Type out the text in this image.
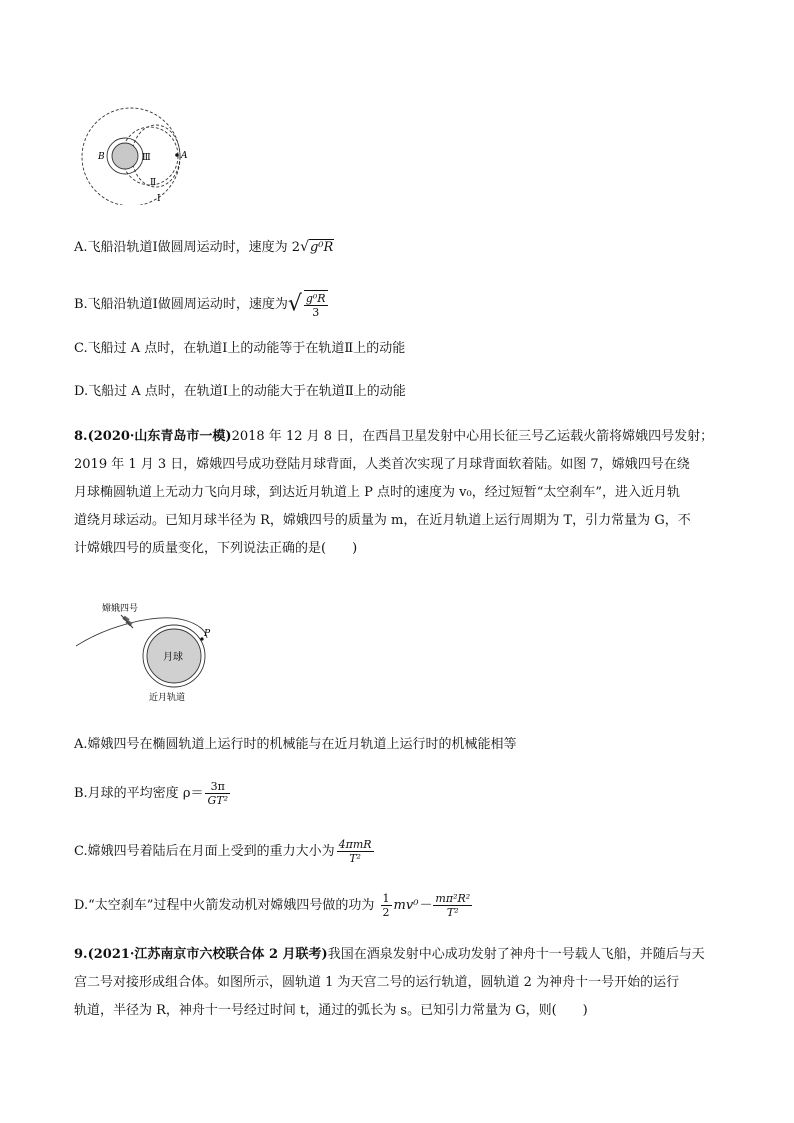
B	Ⅲ	A
Ⅱ
Ⅰ
A.飞船沿轨道Ⅰ做圆周运动时，速度为 2√g⁰R
B.飞船沿轨道Ⅰ做圆周运动时，速度为√ $\frac{\text{g⁰R}}{3}$
C.飞船过 A 点时，在轨道Ⅰ上的动能等于在轨道Ⅱ上的动能
D.飞船过 A 点时，在轨道Ⅰ上的动能大于在轨道Ⅱ上的动能
8.(2020·山东青岛市一模)2018 年 12 月 8 日，在西昌卫星发射中心用长征三号乙运载火箭将嫦娥四号发射；
2019 年 1 月 3 日，嫦娥四号成功登陆月球背面，人类首次实现了月球背面软着陆。如图 7，嫦娥四号在绕
月球椭圆轨道上无动力飞向月球，到达近月轨道上 P 点时的速度为 v₀，经过短暂“太空刹车”，进入近月轨
道绕月球运动。已知月球半径为 R，嫦娥四号的质量为 m，在近月轨道上运行周期为 T，引力常量为 G，不
计嫦娥四号的质量变化，下列说法正确的是(　　)
嫦娥四号
月球
P
近月轨道
A.嫦娥四号在椭圆轨道上运行时的机械能与在近月轨道上运行时的机械能相等
B.月球的平均密度 $\rho= \frac{3\pi}{\text{GT²}}$
C.嫦娥四号着陆后在月面上受到的重力大小为 $\frac{\text{4πmR}}{\text{T²}}$
D.“太空刹车”过程中火箭发动机对嫦娥四号做的功为 $\frac{1}{2} mv^0- \frac{\text{mπ²R²}}{\text{T²}}$
9.(2021·江苏南京市六校联合体 2 月联考)我国在酒泉发射中心成功发射了神舟十一号载人飞船，并随后与天
宫二号对接形成组合体。如图所示，圆轨道 1 为天宫二号的运行轨道，圆轨道 2 为神舟十一号开始的运行
轨道，半径为 R，神舟十一号经过时间 t，通过的弧长为 s。已知引力常量为 G，则(　　)
